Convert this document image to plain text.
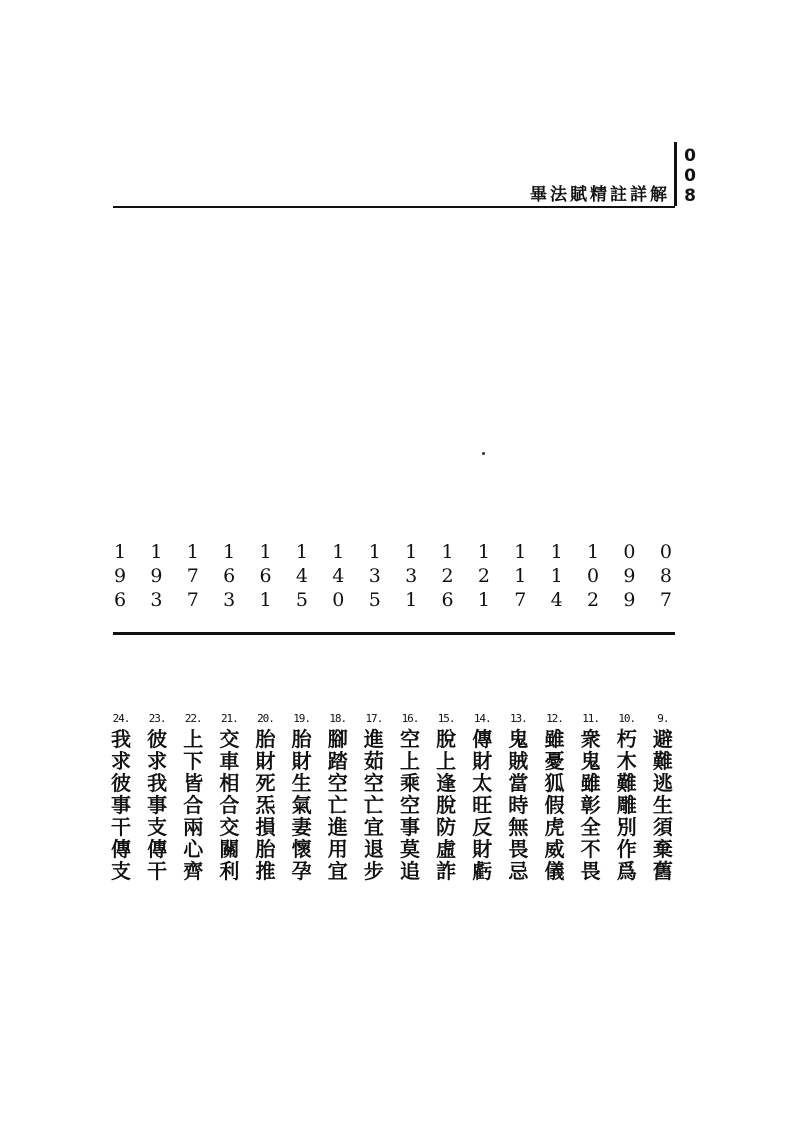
畢法賦精註詳解
008
087
099
102
114
117
121
126
131
135
140
145
161
163
177
193
196
9.
避難逃生須棄舊
10.
朽木難雕別作爲
11.
衆鬼雖彰全不畏
12.
雖憂狐假虎威儀
13.
鬼賊當時無畏忌
14.
傳財太旺反財虧
15.
脫上逢脫防虛詐
16.
空上乘空事莫追
17.
進茹空亡宜退步
18.
腳踏空亡進用宜
19.
胎財生氣妻懷孕
20.
胎財死炁損胎推
21.
交車相合交關利
22.
上下皆合兩心齊
23.
彼求我事支傳干
24.
我求彼事干傳支
